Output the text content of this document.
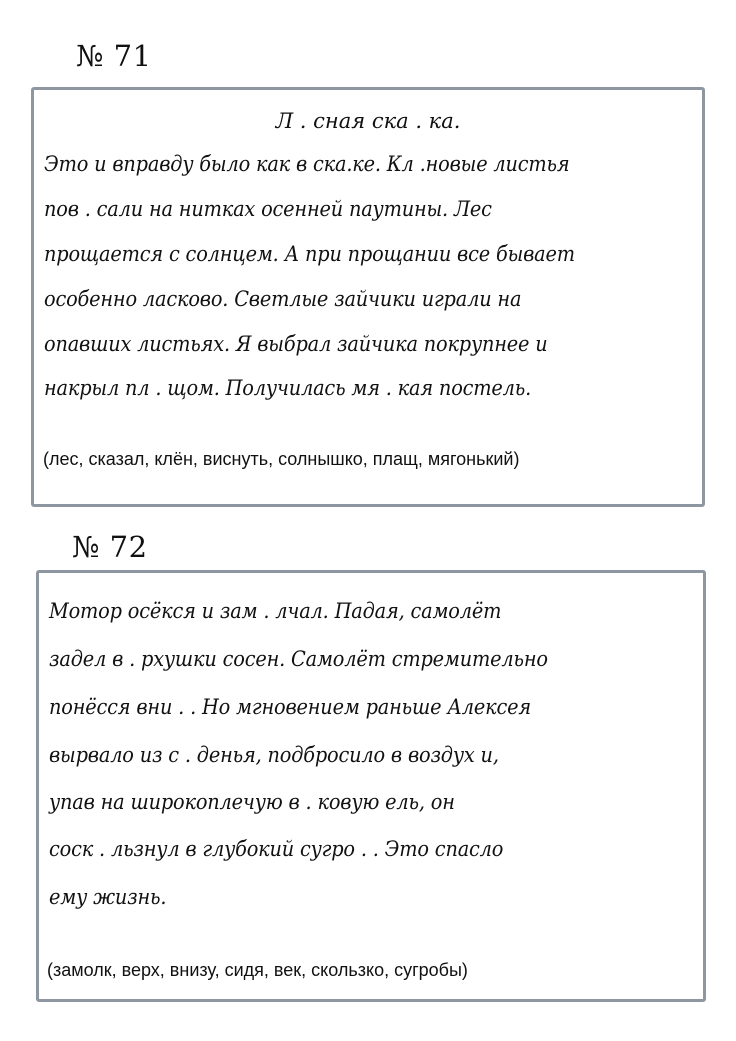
№ 71
Л . сная ска . ка.
Это и вправду было как в ска.ке. Кл .новые листья
пов . сали на нитках осенней паутины. Лес
прощается с солнцем. А при прощании все бывает
особенно ласково. Светлые зайчики играли на
опавших листьях. Я выбрал зайчика покрупнее и
накрыл пл . щом. Получилась мя . кая постель.
(лес, сказал, клён, виснуть, солнышко, плащ, мягонький)
№ 72
Мотор осёкся и зам . лчал. Падая, самолёт
задел в . рхушки сосен. Самолёт стремительно
понёсся вни . . Но мгновением раньше Алексея
вырвало из с . денья, подбросило в воздух и,
упав на широкоплечую в . ковую ель, он
соск . льзнул в глубокий сугро . . Это спасло
ему жизнь.
(замолк, верх, внизу, сидя, век, скользко, сугробы)
